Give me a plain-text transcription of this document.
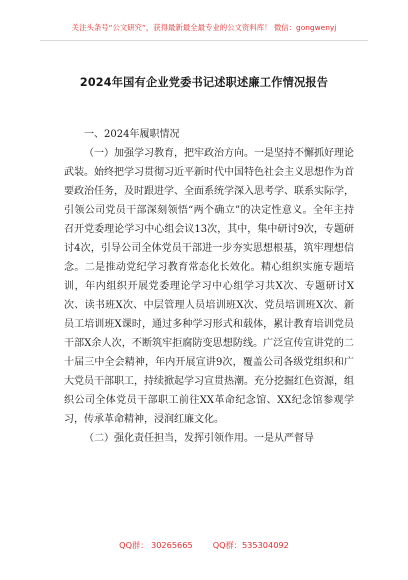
关注头条号“公文研究”，获得最新最全最专业的公文资料库！ 微信：gongwenyj
2024年国有企业党委书记述职述廉工作情况报告
一、2024年履职情况

（一）加强学习教育，把牢政治方向。一是坚持不懈抓好理论武装。始终把学习贯彻习近平新时代中国特色社会主义思想作为首要政治任务，及时跟进学、全面系统学深入思考学、联系实际学，引领公司党员干部深刻领悟“两个确立”的决定性意义。全年主持召开党委理论学习中心组会议13次，其中，集中研讨9次，专题研讨4次，引导公司全体党员干部进一步夯实思想根基，筑牢理想信念。二是推动党纪学习教育常态化长效化。精心组织实施专题培训，年内组织开展党委理论学习中心组学习共X次、专题研讨X次、读书班X次、中层管理人员培训班X次、党员培训班X次、新员工培训班X课时，通过多种学习形式和载体，累计教育培训党员干部X余人次，不断筑牢拒腐防变思想防线。广泛宣传宣讲党的二十届三中全会精神，年内开展宣讲9次，覆盖公司各级党组织和广大党员干部职工，持续掀起学习宣贯热潮。充分挖掘红色资源，组织公司全体党员干部职工前往XX革命纪念馆、XX纪念馆参观学习，传承革命精神，浸润红廉文化。

（二）强化责任担当，发挥引领作用。一是从严督导

QQ群： 30265665 QQ群：535304092
